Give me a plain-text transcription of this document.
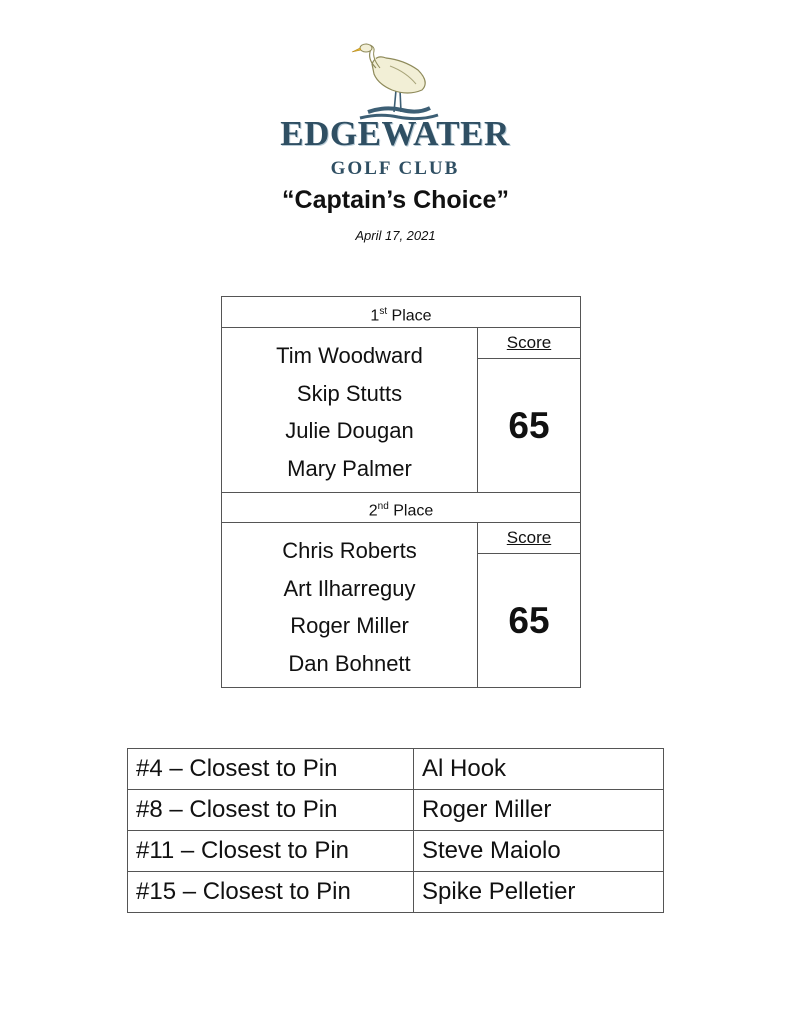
EDGEWATER
GOLF CLUB
“Captain’s Choice”
April 17, 2021
1st Place
Tim Woodward
Skip Stutts
Julie Dougan
Mary Palmer
Score
65
2nd Place
Chris Roberts
Art Ilharreguy
Roger Miller
Dan Bohnett
Score
65
#4 – Closest to Pin	Al Hook
#8 – Closest to Pin	Roger Miller
#11 – Closest to Pin	Steve Maiolo
#15 – Closest to Pin	Spike Pelletier
